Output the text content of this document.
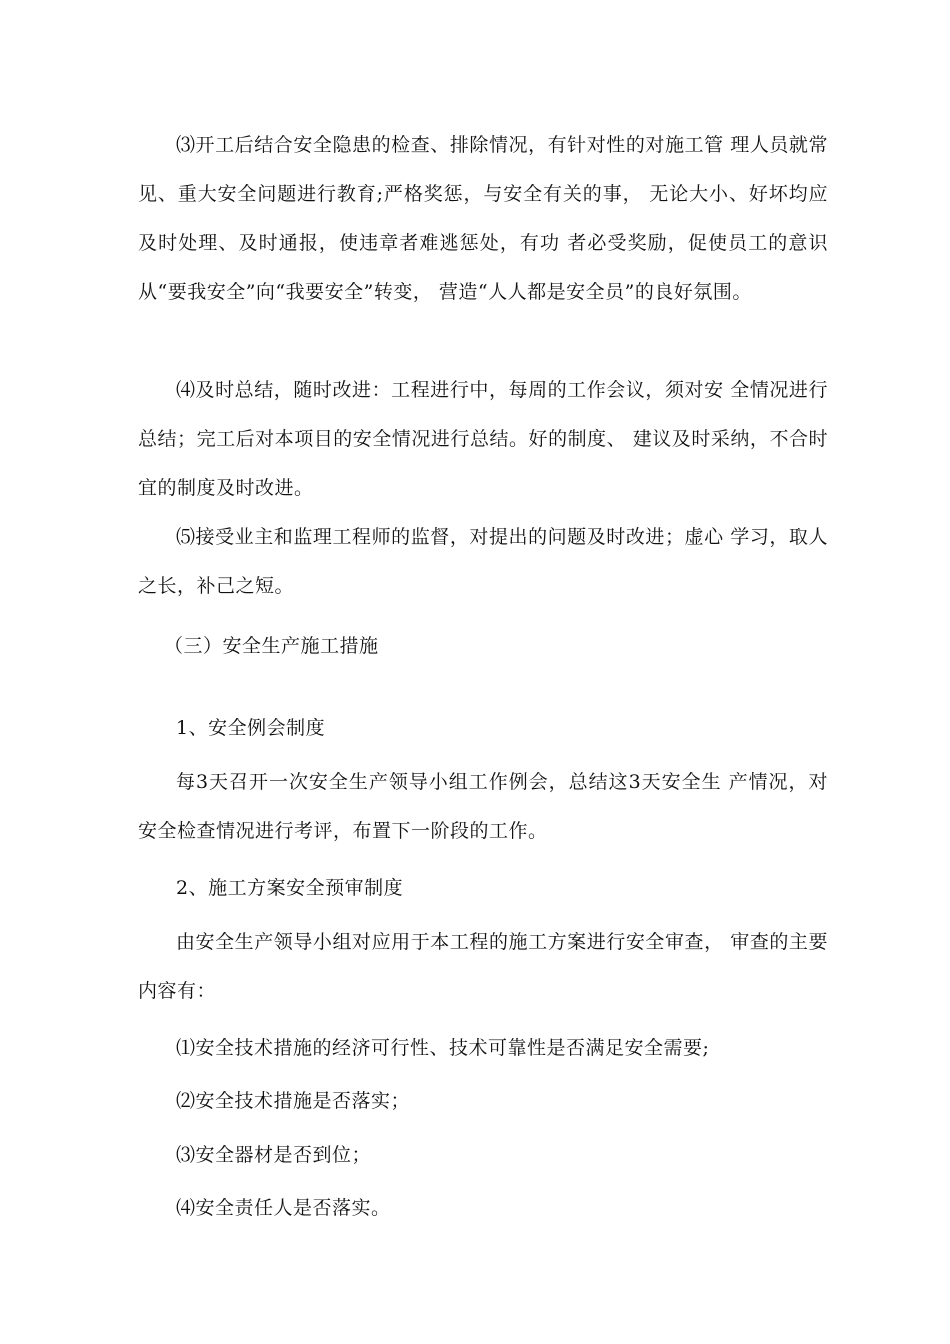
⑶开工后结合安全隐患的检查、排除情况，有针对性的对施工管 理人员就常见、重大安全问题进行教育;严格奖惩，与安全有关的事， 无论大小、好坏均应及时处理、及时通报，使违章者难逃惩处，有功 者必受奖励，促使员工的意识从“要我安全”向“我要安全”转变， 营造“人人都是安全员”的良好氛围。

⑷及时总结，随时改进：工程进行中，每周的工作会议，须对安 全情况进行总结；完工后对本项目的安全情况进行总结。好的制度、 建议及时采纳，不合时宜的制度及时改进。

⑸接受业主和监理工程师的监督，对提出的问题及时改进；虚心 学习，取人之长，补己之短。

（三）安全生产施工措施

1、安全例会制度

每3天召开一次安全生产领导小组工作例会，总结这3天安全生 产情况，对安全检查情况进行考评，布置下一阶段的工作。

2、施工方案安全预审制度

由安全生产领导小组对应用于本工程的施工方案进行安全审查， 审查的主要内容有：

⑴安全技术措施的经济可行性、技术可靠性是否满足安全需要;

⑵安全技术措施是否落实；

⑶安全器材是否到位；

⑷安全责任人是否落实。
